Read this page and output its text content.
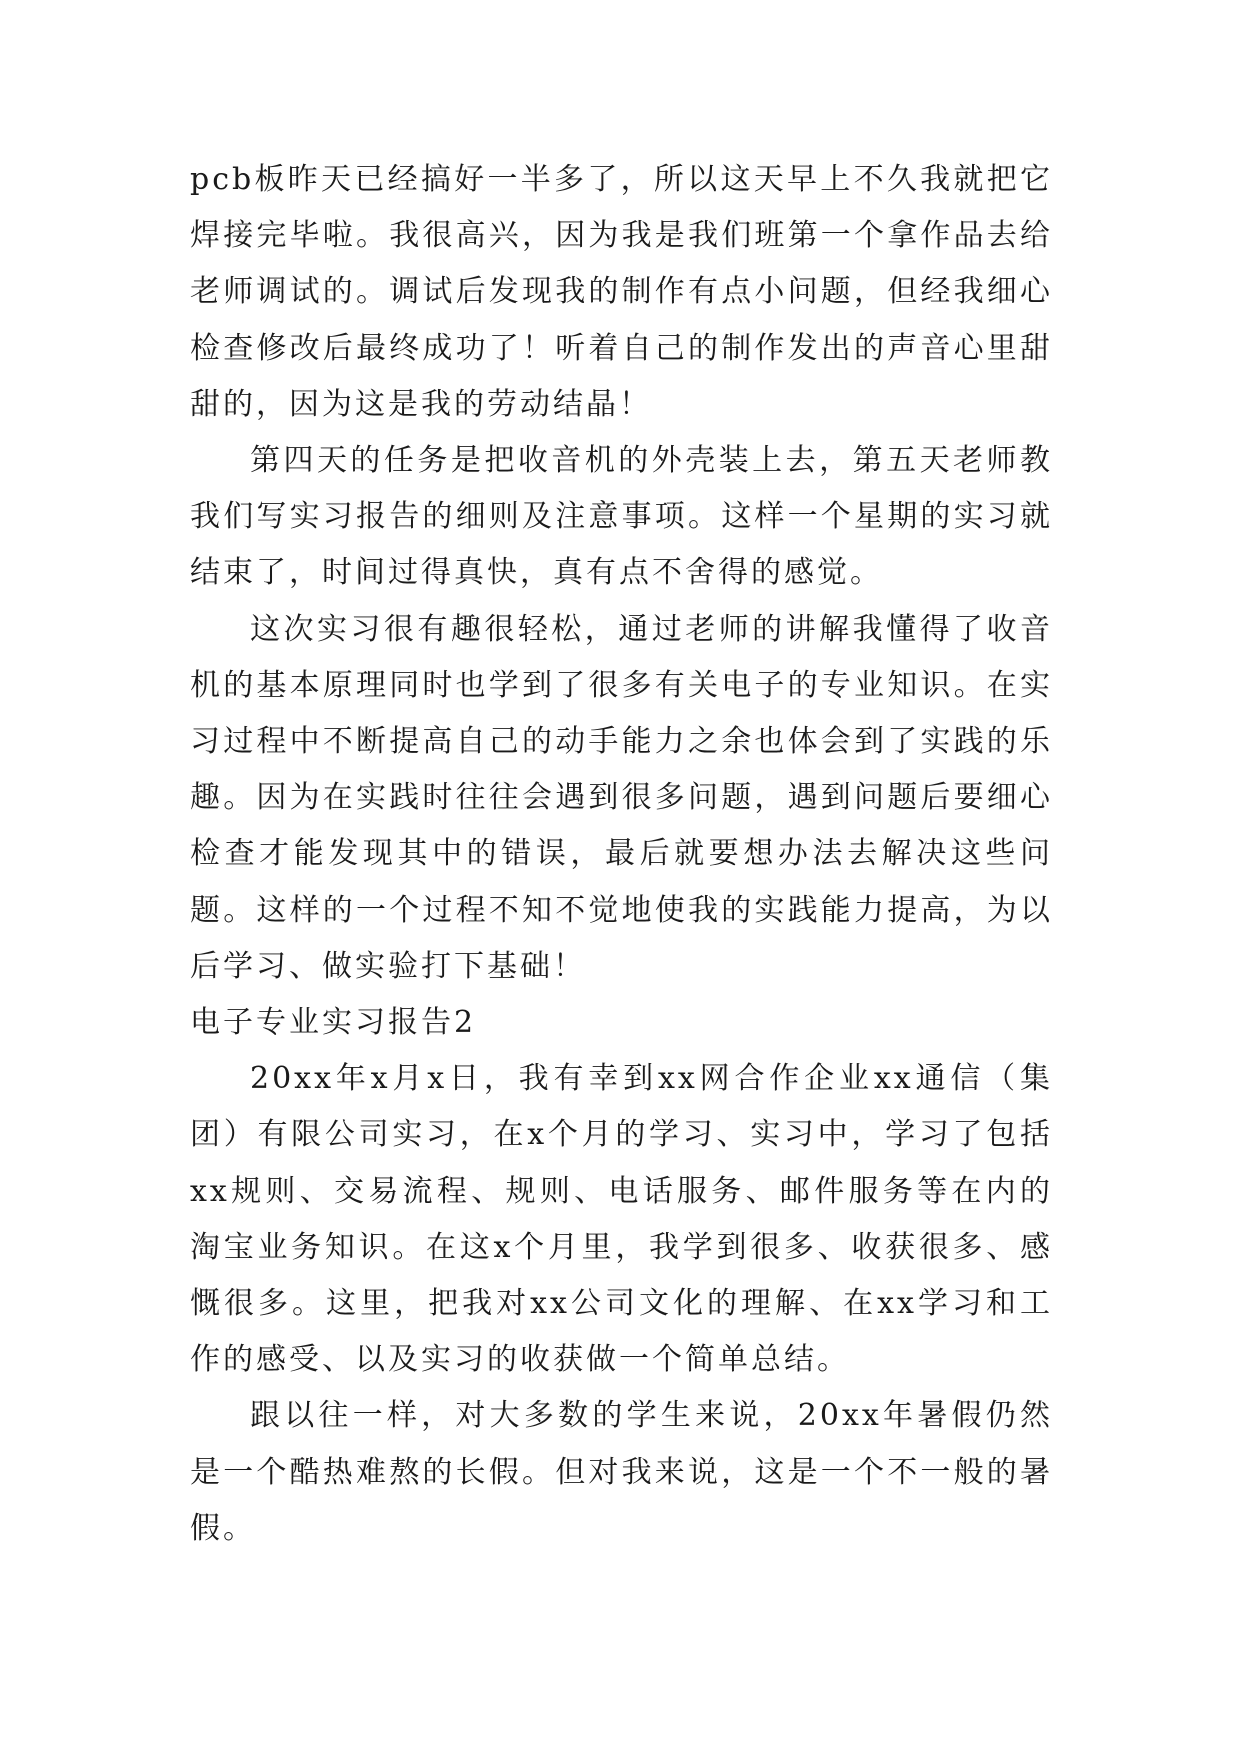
pcb板昨天已经搞好一半多了，所以这天早上不久我就把它焊接完毕啦。我很高兴，因为我是我们班第一个拿作品去给老师调试的。调试后发现我的制作有点小问题，但经我细心检查修改后最终成功了！听着自己的制作发出的声音心里甜甜的，因为这是我的劳动结晶！

第四天的任务是把收音机的外壳装上去，第五天老师教我们写实习报告的细则及注意事项。这样一个星期的实习就结束了，时间过得真快，真有点不舍得的感觉。

这次实习很有趣很轻松，通过老师的讲解我懂得了收音机的基本原理同时也学到了很多有关电子的专业知识。在实习过程中不断提高自己的动手能力之余也体会到了实践的乐趣。因为在实践时往往会遇到很多问题，遇到问题后要细心检查才能发现其中的错误，最后就要想办法去解决这些问题。这样的一个过程不知不觉地使我的实践能力提高，为以后学习、做实验打下基础！

电子专业实习报告2

20xx年x月x日，我有幸到xx网合作企业xx通信（集团）有限公司实习，在x个月的学习、实习中，学习了包括xx规则、交易流程、规则、电话服务、邮件服务等在内的淘宝业务知识。在这x个月里，我学到很多、收获很多、感慨很多。这里，把我对xx公司文化的理解、在xx学习和工作的感受、以及实习的收获做一个简单总结。

跟以往一样，对大多数的学生来说，20xx年暑假仍然是一个酷热难熬的长假。但对我来说，这是一个不一般的暑假。
